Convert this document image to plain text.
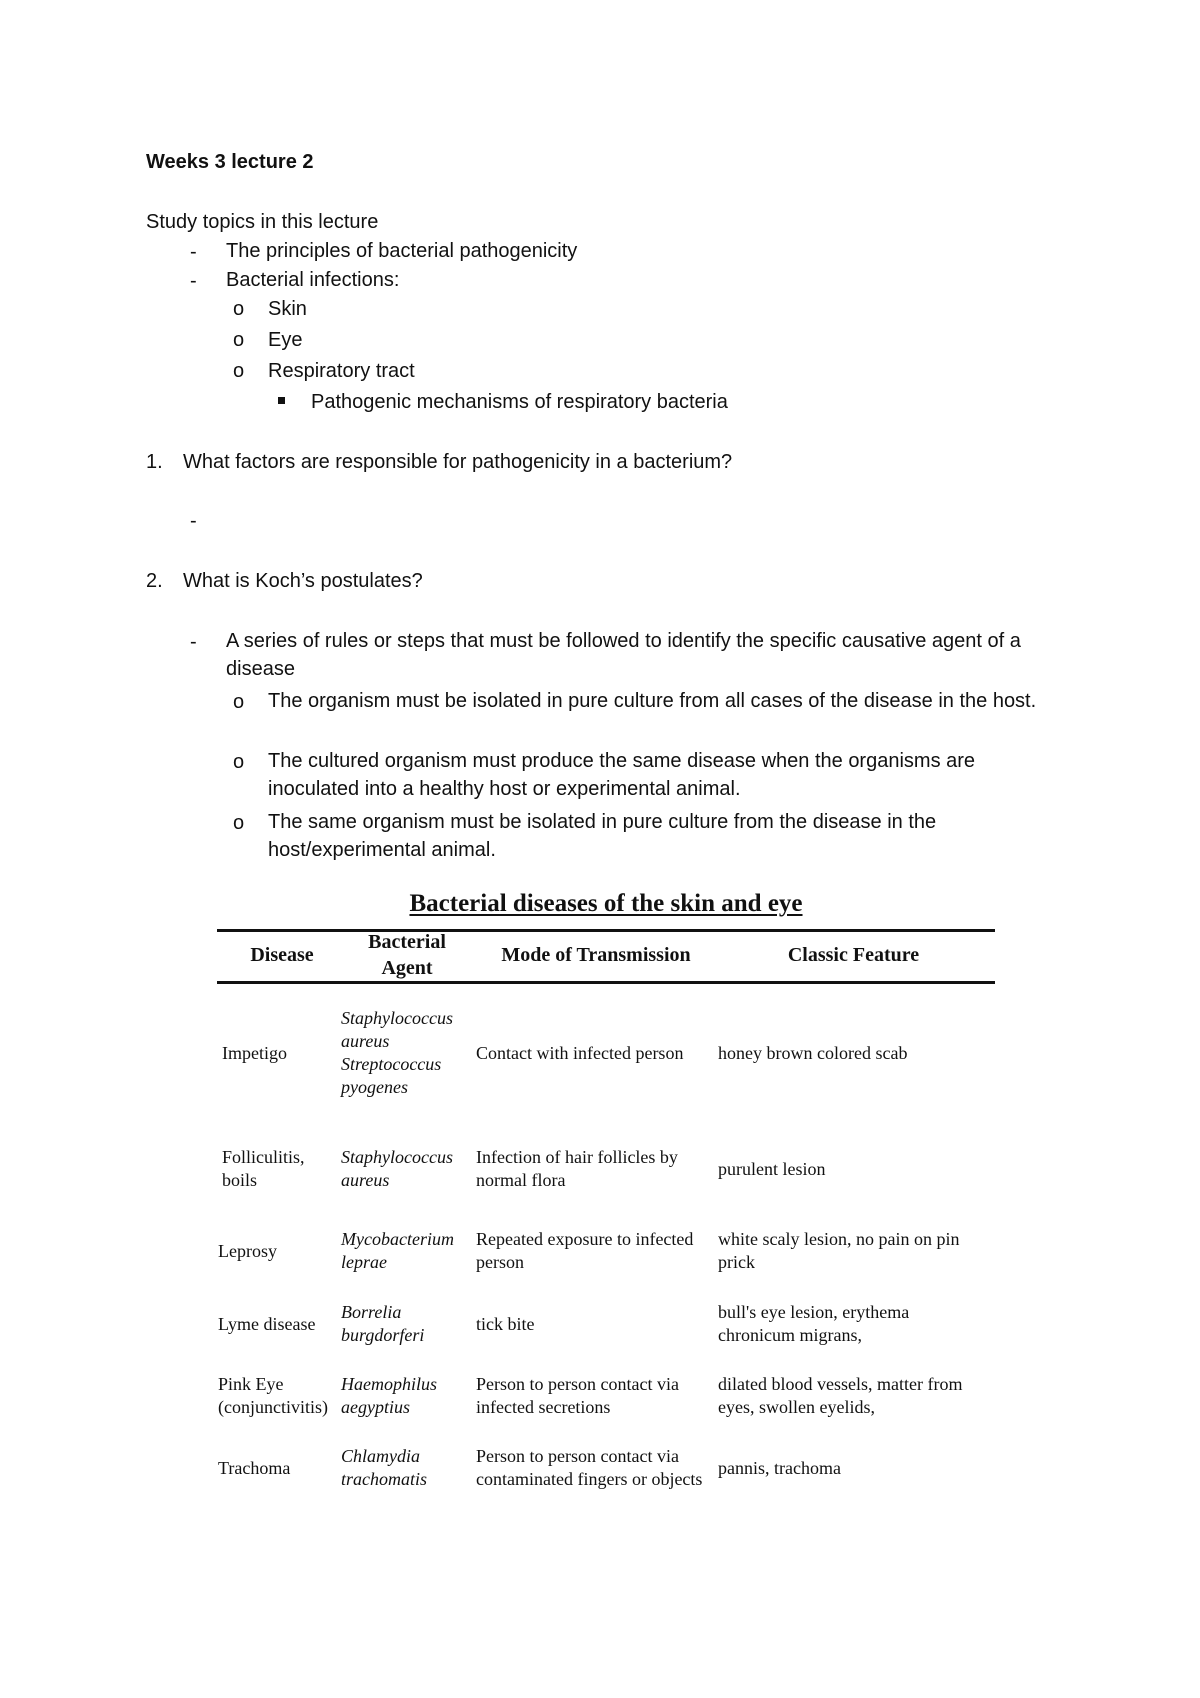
Weeks 3 lecture 2
Study topics in this lecture
- The principles of bacterial pathogenicity
- Bacterial infections:
o Skin
o Eye
o Respiratory tract
Pathogenic mechanisms of respiratory bacteria
1. What factors are responsible for pathogenicity in a bacterium?
-
2. What is Koch’s postulates?
- A series of rules or steps that must be followed to identify the specific causative agent of a disease
o The organism must be isolated in pure culture from all cases of the disease in the host.
o The cultured organism must produce the same disease when the organisms are inoculated into a healthy host or experimental animal.
o The same organism must be isolated in pure culture from the disease in the host/experimental animal.
Bacterial diseases of the skin and eye
Disease
Bacterial
Agent
Mode of Transmission	Classic Feature
Impetigo
Staphylococcus aureus Streptococcus pyogenes
Contact with infected person	honey brown colored scab
Folliculitis, boils
Staphylococcus aureus
Infection of hair follicles by normal flora
purulent lesion
Leprosy
Mycobacterium leprae
Repeated exposure to infected person
white scaly lesion, no pain on pin prick
Lyme disease
Borrelia burgdorferi
tick bite
bull's eye lesion, erythema chronicum migrans,
Pink Eye (conjunctivitis)
Haemophilus aegyptius
Person to person contact via infected secretions
dilated blood vessels, matter from eyes, swollen eyelids,
Trachoma
Chlamydia trachomatis
Person to person contact via contaminated fingers or objects
pannis, trachoma
